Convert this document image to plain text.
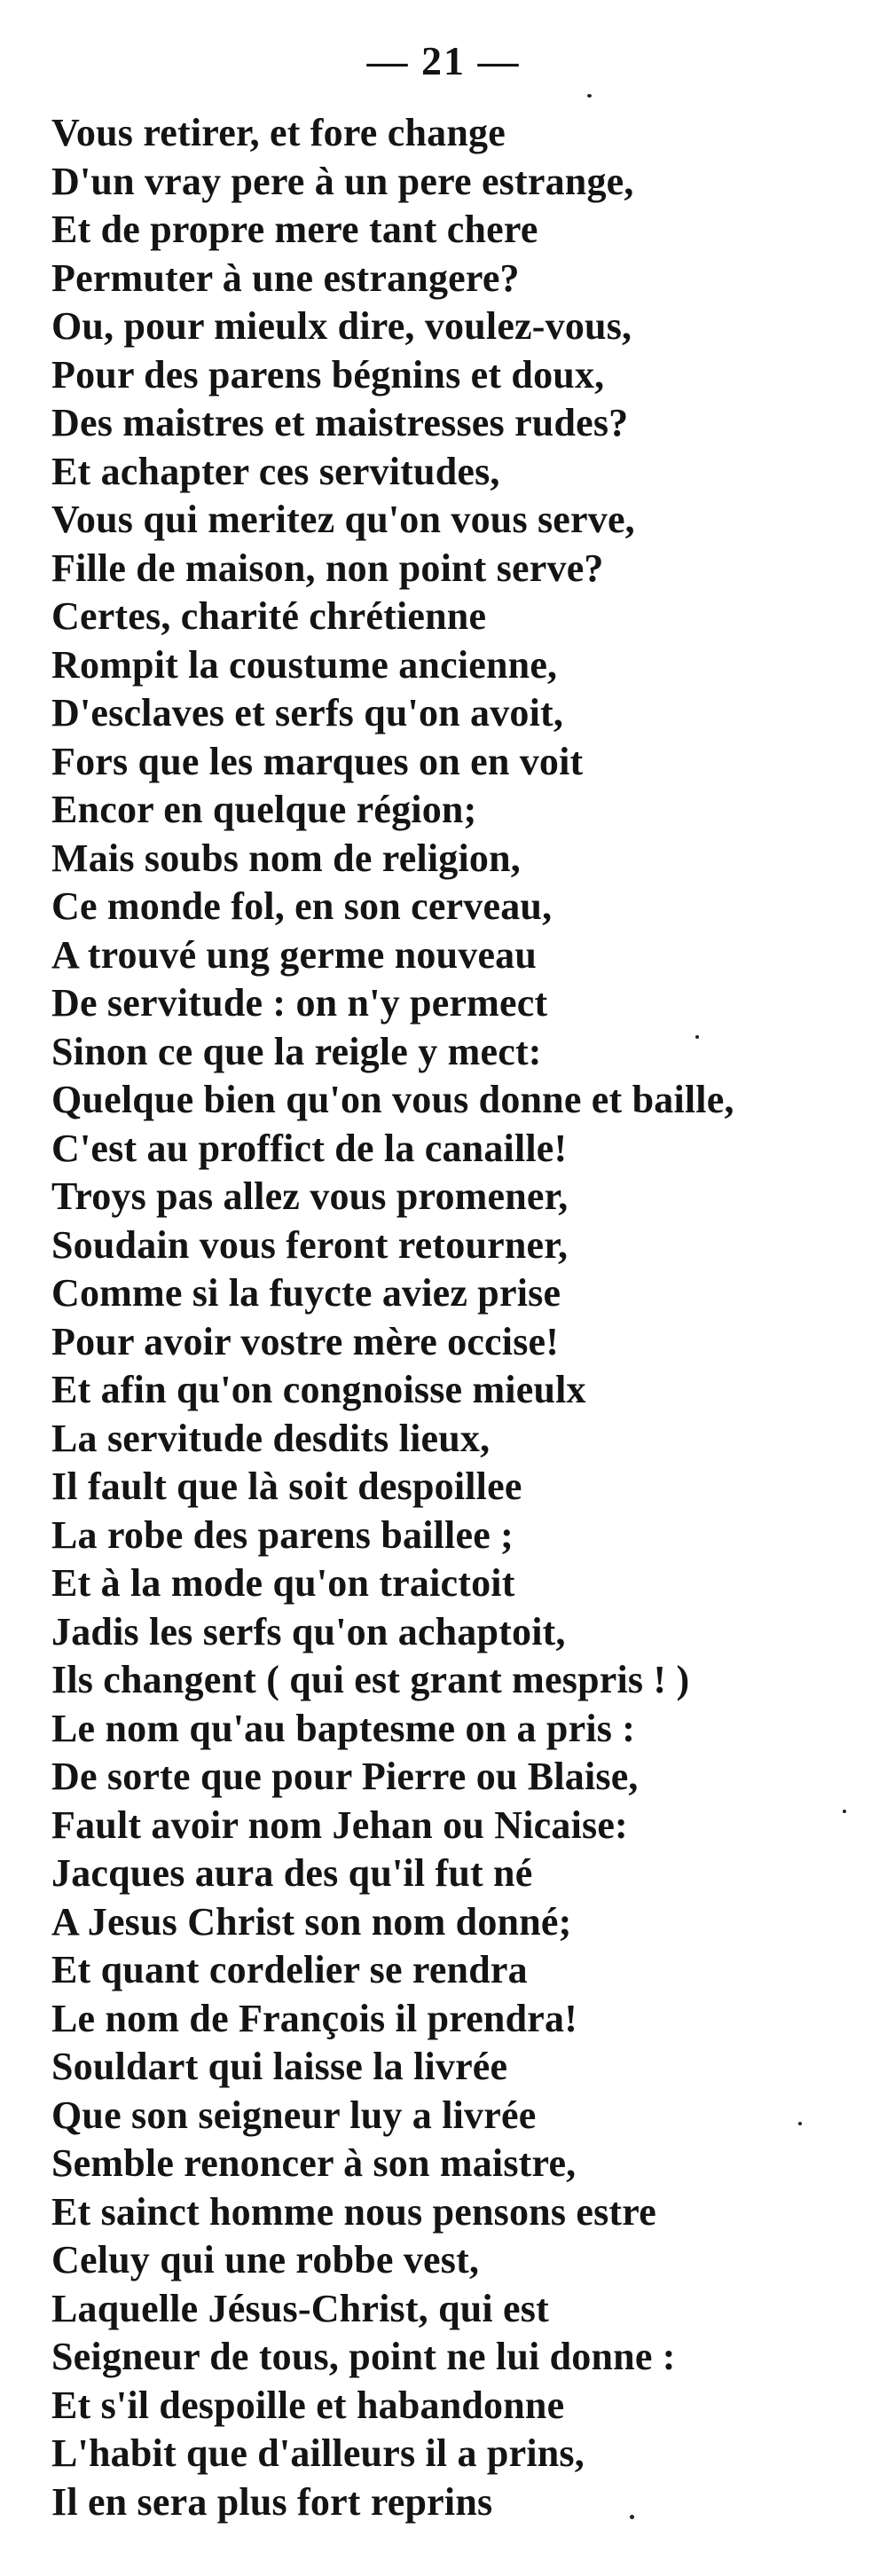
— 21 —
Vous retirer, et fore change
D'un vray pere à un pere estrange,
Et de propre mere tant chere
Permuter à une estrangere?
Ou, pour mieulx dire, voulez-vous,
Pour des parens bégnins et doux,
Des maistres et maistresses rudes?
Et achapter ces servitudes,
Vous qui meritez qu'on vous serve,
Fille de maison, non point serve?
Certes, charité chrétienne
Rompit la coustume ancienne,
D'esclaves et serfs qu'on avoit,
Fors que les marques on en voit
Encor en quelque région;
Mais soubs nom de religion,
Ce monde fol, en son cerveau,
A trouvé ung germe nouveau
De servitude : on n'y permect
Sinon ce que la reigle y mect:
Quelque bien qu'on vous donne et baille,
C'est au proffict de la canaille!
Troys pas allez vous promener,
Soudain vous feront retourner,
Comme si la fuycte aviez prise
Pour avoir vostre mère occise!
Et afin qu'on congnoisse mieulx
La servitude desdits lieux,
Il fault que là soit despoillee
La robe des parens baillee ;
Et à la mode qu'on traictoit
Jadis les serfs qu'on achaptoit,
Ils changent ( qui est grant mespris ! )
Le nom qu'au baptesme on a pris :
De sorte que pour Pierre ou Blaise,
Fault avoir nom Jehan ou Nicaise:
Jacques aura des qu'il fut né
A Jesus Christ son nom donné;
Et quant cordelier se rendra
Le nom de François il prendra!
Souldart qui laisse la livrée
Que son seigneur luy a livrée
Semble renoncer à son maistre,
Et sainct homme nous pensons estre
Celuy qui une robbe vest,
Laquelle Jésus-Christ, qui est
Seigneur de tous, point ne lui donne :
Et s'il despoille et habandonne
L'habit que d'ailleurs il a prins,
Il en sera plus fort reprins
